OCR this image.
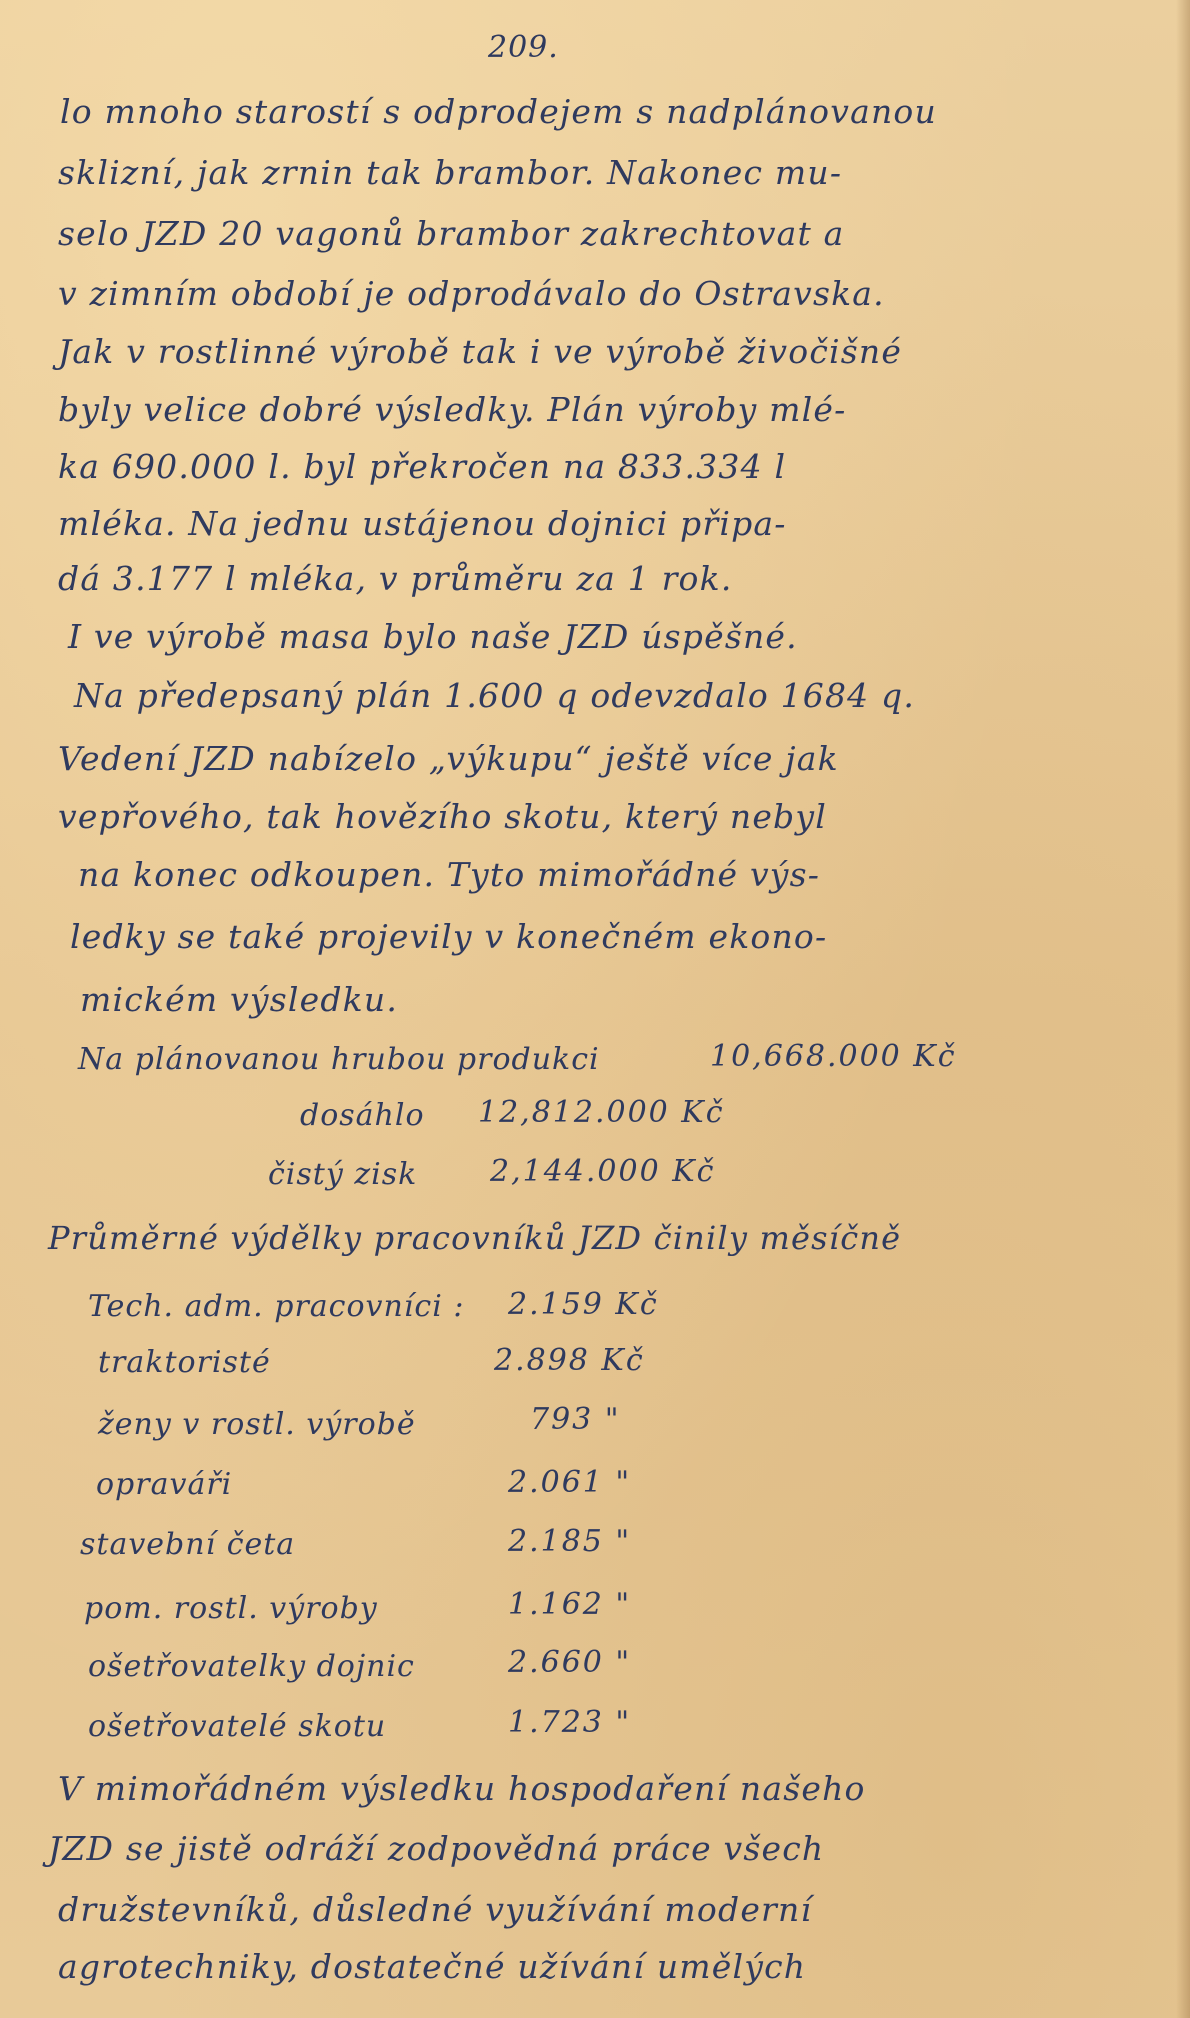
209.
lo mnoho starostí s odprodejem s nadplánovanou
sklizní, jak zrnin tak brambor. Nakonec mu-
selo JZD 20 vagonů brambor zakrechtovat a
v zimním období je odprodávalo do Ostravska.
Jak v rostlinné výrobě tak i ve výrobě živočišné
byly velice dobré výsledky. Plán výroby mlé-
ka 690.000 l. byl překročen na 833.334 l
mléka. Na jednu ustájenou dojnici připa-
dá 3.177 l mléka, v průměru za 1 rok.
I ve výrobě masa bylo naše JZD úspěšné.
Na předepsaný plán 1.600 q odevzdalo 1684 q.
Vedení JZD nabízelo „výkupu“ ještě více jak
vepřového, tak hovězího skotu, který nebyl
na konec odkoupen. Tyto mimořádné výs-
ledky se také projevily v konečném ekono-
mickém výsledku.
Na plánovanou hrubou produkci	10,668.000 Kč
dosáhlo 12,812.000 Kč
čistý zisk 2,144.000 Kč
Průměrné výdělky pracovníků JZD činily měsíčně
Tech. adm. pracovníci : 2.159 Kč
traktoristé	2.898 Kč
ženy v rostl. výrobě	793 "
opraváři	2.061 "
stavební četa	2.185 "
pom. rostl. výroby	1.162 "
ošetřovatelky dojnic	2.660 "
ošetřovatelé skotu	1.723 "
V mimořádném výsledku hospodaření našeho
JZD se jistě odráží zodpovědná práce všech
družstevníků, důsledné využívání moderní
agrotechniky, dostatečné užívání umělých
